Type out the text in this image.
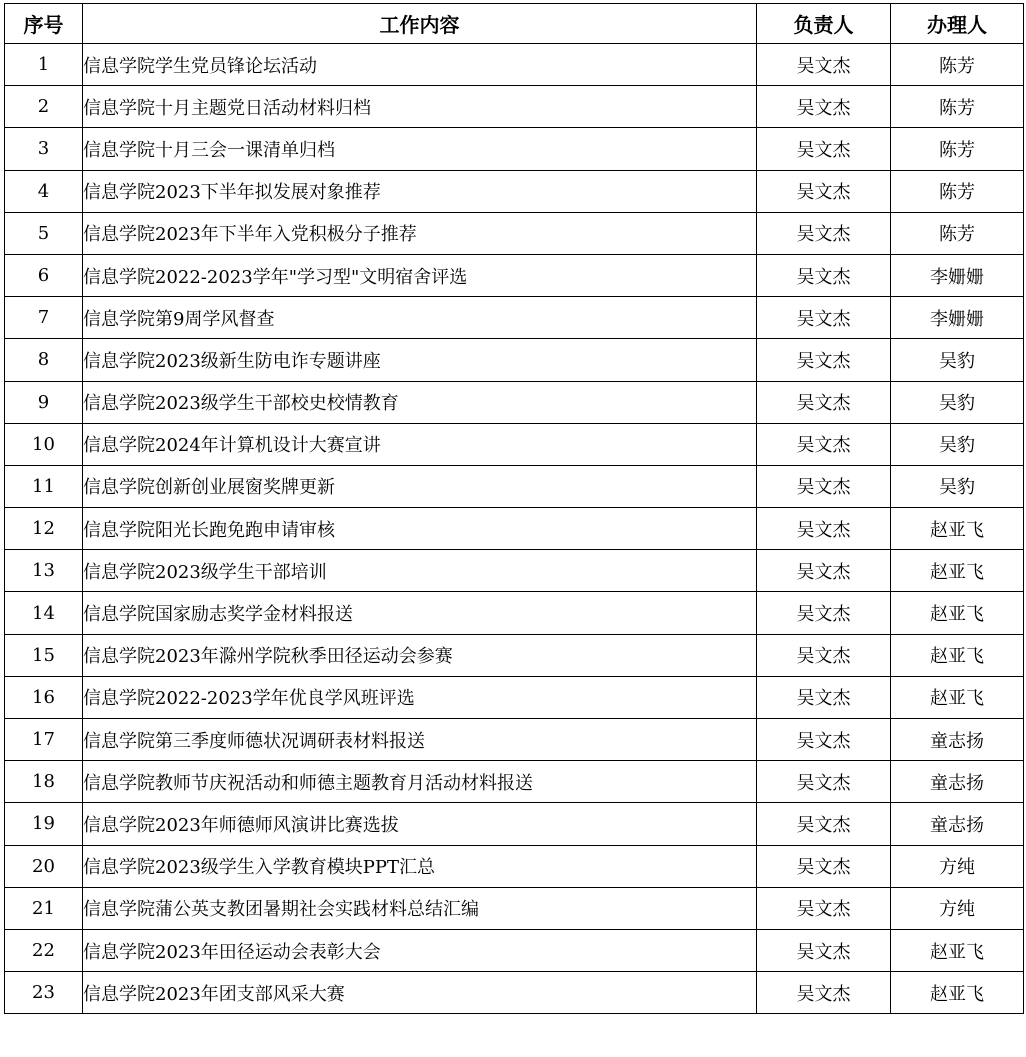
序号	工作内容	负责人	办理人
1	信息学院学生党员锋论坛活动	吴文杰	陈芳
2	信息学院十月主题党日活动材料归档	吴文杰	陈芳
3	信息学院十月三会一课清单归档	吴文杰	陈芳
4	信息学院2023下半年拟发展对象推荐	吴文杰	陈芳
5	信息学院2023年下半年入党积极分子推荐	吴文杰	陈芳
6	信息学院2022-2023学年"学习型"文明宿舍评选	吴文杰	李姗姗
7	信息学院第9周学风督查	吴文杰	李姗姗
8	信息学院2023级新生防电诈专题讲座	吴文杰	吴豹
9	信息学院2023级学生干部校史校情教育	吴文杰	吴豹
10	信息学院2024年计算机设计大赛宣讲	吴文杰	吴豹
11	信息学院创新创业展窗奖牌更新	吴文杰	吴豹
12	信息学院阳光长跑免跑申请审核	吴文杰	赵亚飞
13	信息学院2023级学生干部培训	吴文杰	赵亚飞
14	信息学院国家励志奖学金材料报送	吴文杰	赵亚飞
15	信息学院2023年滁州学院秋季田径运动会参赛	吴文杰	赵亚飞
16	信息学院2022-2023学年优良学风班评选	吴文杰	赵亚飞
17	信息学院第三季度师德状况调研表材料报送	吴文杰	童志扬
18	信息学院教师节庆祝活动和师德主题教育月活动材料报送	吴文杰	童志扬
19	信息学院2023年师德师风演讲比赛选拔	吴文杰	童志扬
20	信息学院2023级学生入学教育模块PPT汇总	吴文杰	方纯
21	信息学院蒲公英支教团暑期社会实践材料总结汇编	吴文杰	方纯
22	信息学院2023年田径运动会表彰大会	吴文杰	赵亚飞
23	信息学院2023年团支部风采大赛	吴文杰	赵亚飞
